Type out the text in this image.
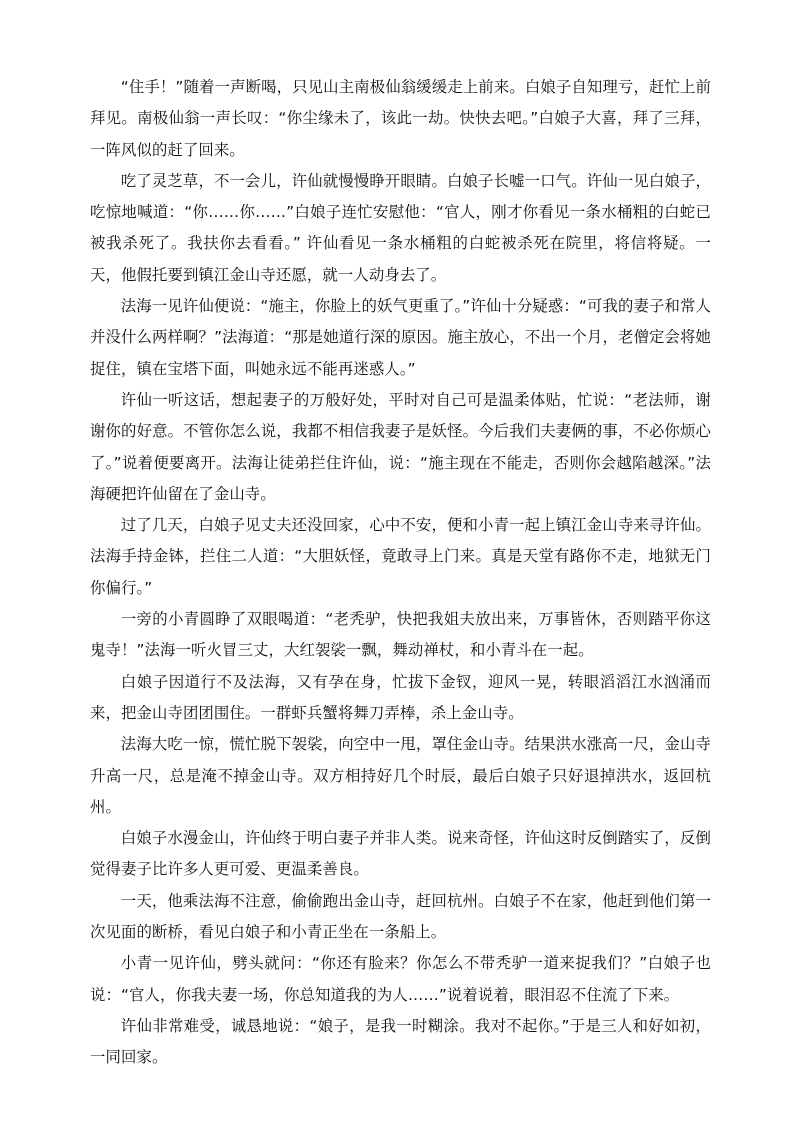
“住手！”随着一声断喝，只见山主南极仙翁缓缓走上前来。白娘子自知理亏，赶忙上前拜见。南极仙翁一声长叹：“你尘缘未了，该此一劫。快快去吧。”白娘子大喜，拜了三拜，一阵风似的赶了回来。

吃了灵芝草，不一会儿，许仙就慢慢睁开眼睛。白娘子长嘘一口气。许仙一见白娘子，吃惊地喊道：“你……你……”白娘子连忙安慰他：“官人，刚才你看见一条水桶粗的白蛇已被我杀死了。我扶你去看看。” 许仙看见一条水桶粗的白蛇被杀死在院里，将信将疑。一天，他假托要到镇江金山寺还愿，就一人动身去了。

法海一见许仙便说：“施主，你脸上的妖气更重了。”许仙十分疑惑：“可我的妻子和常人并没什么两样啊？”法海道：“那是她道行深的原因。施主放心，不出一个月，老僧定会将她捉住，镇在宝塔下面，叫她永远不能再迷惑人。”

许仙一听这话，想起妻子的万般好处，平时对自己可是温柔体贴，忙说：“老法师，谢谢你的好意。不管你怎么说，我都不相信我妻子是妖怪。今后我们夫妻俩的事，不必你烦心了。”说着便要离开。法海让徒弟拦住许仙，说：“施主现在不能走，否则你会越陷越深。”法海硬把许仙留在了金山寺。

过了几天，白娘子见丈夫还没回家，心中不安，便和小青一起上镇江金山寺来寻许仙。法海手持金钵，拦住二人道：“大胆妖怪，竟敢寻上门来。真是天堂有路你不走，地狱无门你偏行。”

一旁的小青圆睁了双眼喝道：“老秃驴，快把我姐夫放出来，万事皆休，否则踏平你这鬼寺！”法海一听火冒三丈，大红袈裟一飘，舞动禅杖，和小青斗在一起。

白娘子因道行不及法海，又有孕在身，忙拔下金钗，迎风一晃，转眼滔滔江水汹涌而来，把金山寺团团围住。一群虾兵蟹将舞刀弄棒，杀上金山寺。

法海大吃一惊，慌忙脱下袈裟，向空中一甩，罩住金山寺。结果洪水涨高一尺，金山寺升高一尺，总是淹不掉金山寺。双方相持好几个时辰，最后白娘子只好退掉洪水，返回杭州。

白娘子水漫金山，许仙终于明白妻子并非人类。说来奇怪，许仙这时反倒踏实了，反倒觉得妻子比许多人更可爱、更温柔善良。

一天，他乘法海不注意，偷偷跑出金山寺，赶回杭州。白娘子不在家，他赶到他们第一次见面的断桥，看见白娘子和小青正坐在一条船上。

小青一见许仙，劈头就问：“你还有脸来？你怎么不带秃驴一道来捉我们？”白娘子也说：“官人，你我夫妻一场，你总知道我的为人……”说着说着，眼泪忍不住流了下来。

许仙非常难受，诚恳地说：“娘子，是我一时糊涂。我对不起你。”于是三人和好如初，一同回家。
